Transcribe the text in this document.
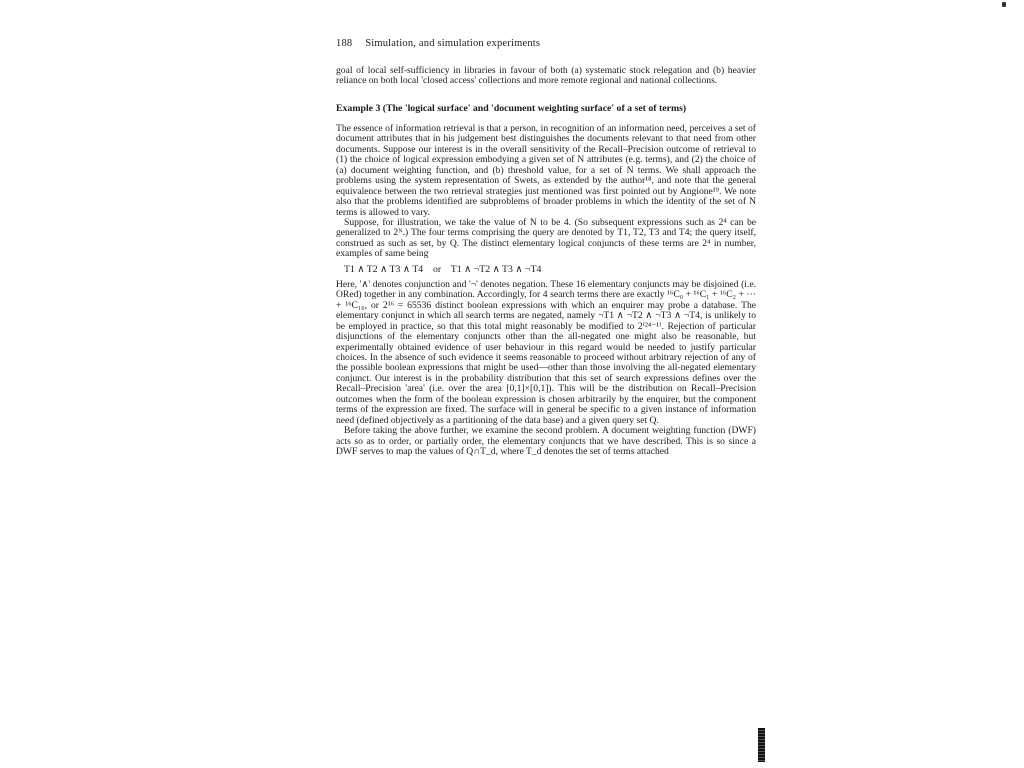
188 Simulation, and simulation experiments

goal of local self-sufficiency in libraries in favour of both (a) systematic stock relegation and (b) heavier reliance on both local 'closed access' collections and more remote regional and national collections.

Example 3 (The 'logical surface' and 'document weighting surface' of a set of terms)

The essence of information retrieval is that a person, in recognition of an information need, perceives a set of document attributes that in his judgement best distinguishes the documents relevant to that need from other documents. Suppose our interest is in the overall sensitivity of the Recall–Precision outcome of retrieval to (1) the choice of logical expression embodying a given set of N attributes (e.g. terms), and (2) the choice of (a) document weighting function, and (b) threshold value, for a set of N terms. We shall approach the problems using the system representation of Swets, as extended by the author¹⁸, and note that the general equivalence between the two retrieval strategies just mentioned was first pointed out by Angione¹⁹. We note also that the problems identified are subproblems of broader problems in which the identity of the set of N terms is allowed to vary.

Suppose, for illustration, we take the value of N to be 4. (So subsequent expressions such as 2⁴ can be generalized to 2ᴺ.) The four terms comprising the query are denoted by T1, T2, T3 and T4; the query itself, construed as such as set, by Q. The distinct elementary logical conjuncts of these terms are 2⁴ in number, examples of same being

T1 ∧ T2 ∧ T3 ∧ T4    or    T1 ∧ ¬T2 ∧ T3 ∧ ¬T4

Here, '∧' denotes conjunction and '¬' denotes negation. These 16 elementary conjuncts may be disjoined (i.e. ORed) together in any combination. Accordingly, for 4 search terms there are exactly ¹⁶C₀ + ¹⁶C₁ + ¹⁶C₂ + ··· + ¹⁶C₁₆, or 2¹⁶ = 65536 distinct boolean expressions with which an enquirer may probe a database. The elementary conjunct in which all search terms are negated, namely ¬T1 ∧ ¬T2 ∧ ¬T3 ∧ ¬T4, is unlikely to be employed in practice, so that this total might reasonably be modified to 2⁽²⁴⁻¹⁾. Rejection of particular disjunctions of the elementary conjuncts other than the all-negated one might also be reasonable, but experimentally obtained evidence of user behaviour in this regard would be needed to justify particular choices. In the absence of such evidence it seems reasonable to proceed without arbitrary rejection of any of the possible boolean expressions that might be used—other than those involving the all-negated elementary conjunct. Our interest is in the probability distribution that this set of search expressions defines over the Recall–Precision 'area' (i.e. over the area [0,1]×[0,1]). This will be the distribution on Recall–Precision outcomes when the form of the boolean expression is chosen arbitrarily by the enquirer, but the component terms of the expression are fixed. The surface will in general be specific to a given instance of information need (defined objectively as a partitioning of the data base) and a given query set Q.

Before taking the above further, we examine the second problem. A document weighting function (DWF) acts so as to order, or partially order, the elementary conjuncts that we have described. This is so since a DWF serves to map the values of Q∩T_d, where T_d denotes the set of terms attached
